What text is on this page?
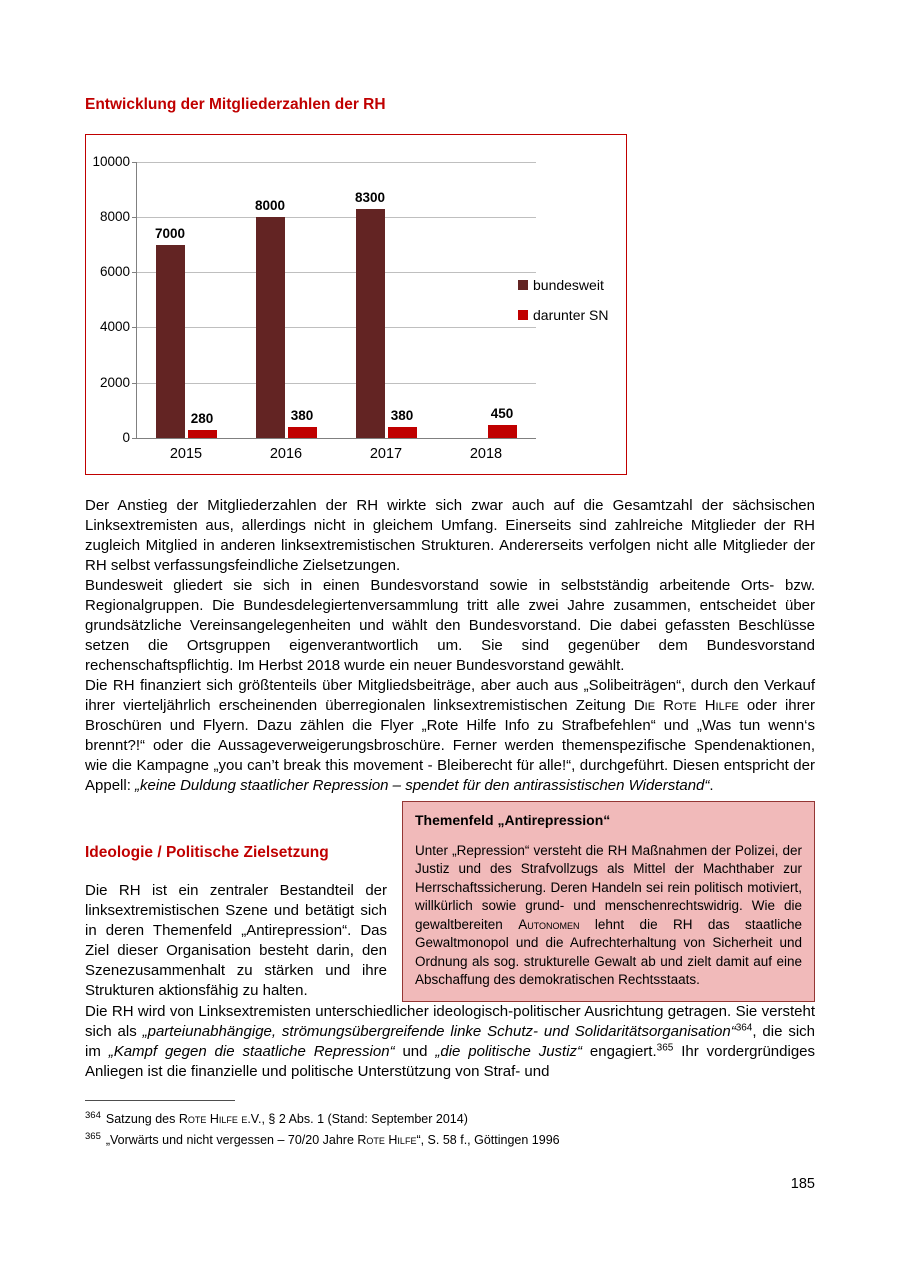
Entwicklung der Mitgliederzahlen der RH
0
2000
4000
6000
8000
10000
7000
280
2015
8000
380
2016
8300
380
2017
450
2018
bundesweit
darunter SN

Der Anstieg der Mitgliederzahlen der RH wirkte sich zwar auch auf die Gesamtzahl der sächsischen Linksextremisten aus, allerdings nicht in gleichem Umfang. Einerseits sind zahlreiche Mitglieder der RH zugleich Mitglied in anderen linksextremistischen Strukturen. Andererseits verfolgen nicht alle Mitglieder der RH selbst verfassungsfeindliche Zielsetzungen.

Bundesweit gliedert sie sich in einen Bundesvorstand sowie in selbstständig arbeitende Orts- bzw. Regionalgruppen. Die Bundesdelegiertenversammlung tritt alle zwei Jahre zusammen, entscheidet über grundsätzliche Vereinsangelegenheiten und wählt den Bundesvorstand. Die dabei gefassten Beschlüsse setzen die Ortsgruppen eigenverantwortlich um. Sie sind gegenüber dem Bundesvorstand rechenschaftspflichtig. Im Herbst 2018 wurde ein neuer Bundesvorstand gewählt.

Die RH finanziert sich größtenteils über Mitgliedsbeiträge, aber auch aus „Solibeiträgen“, durch den Verkauf ihrer vierteljährlich erscheinenden überregionalen linksextremistischen Zeitung Die Rote Hilfe oder ihrer Broschüren und Flyern. Dazu zählen die Flyer „Rote Hilfe Info zu Strafbefehlen“ und „Was tun wenn‘s brennt?!“ oder die Aussageverweigerungsbroschüre. Ferner werden themenspezifische Spendenaktionen, wie die Kampagne „you can’t break this movement - Bleiberecht für alle!“, durchgeführt. Diesen entspricht der Appell: „keine Duldung staatlicher Repression – spendet für den antirassistischen Widerstand“.

Ideologie / Politische Zielsetzung

Die RH ist ein zentraler Bestandteil der linksextremistischen Szene und betätigt sich in deren Themenfeld „Antirepression“. Das Ziel dieser Organisation besteht darin, den Szenezusammenhalt zu stärken und ihre Strukturen aktionsfähig zu halten.

Themenfeld „Antirepression“
Unter „Repression“ versteht die RH Maßnahmen der Polizei, der Justiz und des Strafvollzugs als Mittel der Machthaber zur Herrschaftssicherung. Deren Handeln sei rein politisch motiviert, willkürlich sowie grund- und menschenrechtswidrig. Wie die gewaltbereiten Autonomen lehnt die RH das staatliche Gewaltmonopol und die Aufrechterhaltung von Sicherheit und Ordnung als sog. strukturelle Gewalt ab und zielt damit auf eine Abschaffung des demokratischen Rechtsstaats.

Die RH wird von Linksextremisten unterschiedlicher ideologisch-politischer Ausrichtung getragen. Sie versteht sich als „parteiunabhängige, strömungsübergreifende linke Schutz- und Solidaritätsorganisation“$^{364}$, die sich im „Kampf gegen die staatliche Repression“ und „die politische Justiz“ engagiert.$^{365}$ Ihr vordergründiges Anliegen ist die finanzielle und politische Unterstützung von Straf- und

$^{364}$ Satzung des Rote Hilfe e.V., § 2 Abs. 1 (Stand: September 2014)
$^{365}$ „Vorwärts und nicht vergessen – 70/20 Jahre Rote Hilfe“, S. 58 f., Göttingen 1996
185
